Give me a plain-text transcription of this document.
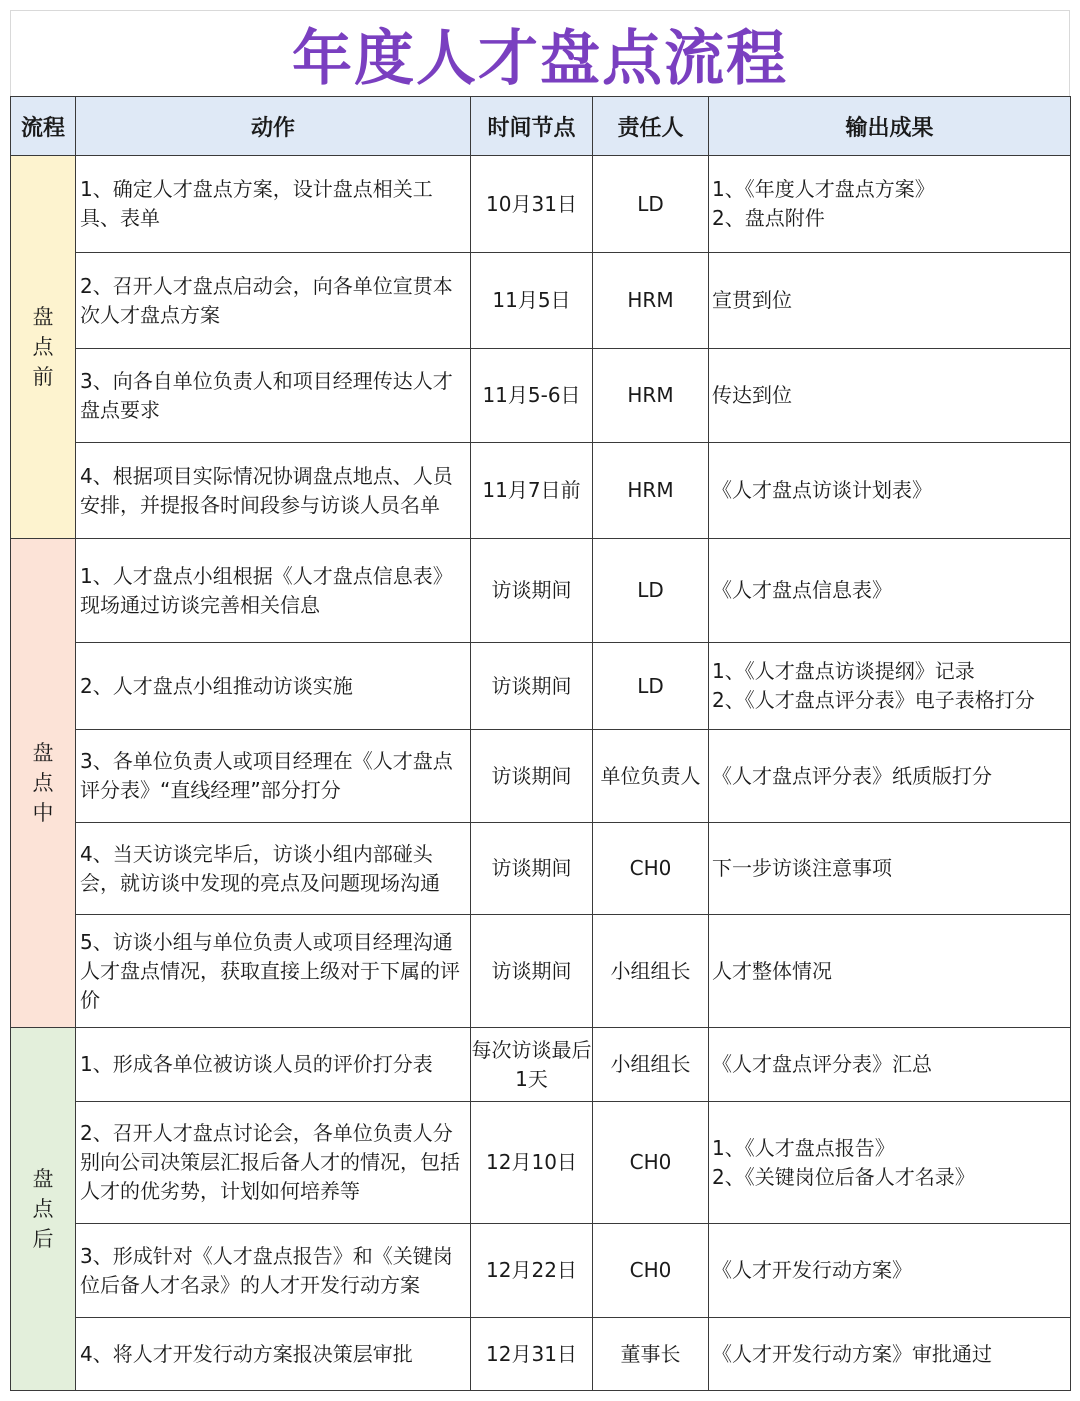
年度人才盘点流程
流程	动作	时间节点	责任人	输出成果
盘点前	1、确定人才盘点方案，设计盘点相关工具、表单	10月31日	LD	1、《年度人才盘点方案》
2、盘点附件

	2、召开人才盘点启动会，向各单位宣贯本次人才盘点方案	11月5日	HRM	宣贯到位
	3、向各自单位负责人和项目经理传达人才盘点要求	11月5-6日	HRM	传达到位
	4、根据项目实际情况协调盘点地点、人员安排，并提报各时间段参与访谈人员名单	11月7日前	HRM	《人才盘点访谈计划表》
盘点中	1、人才盘点小组根据《人才盘点信息表》现场通过访谈完善相关信息	访谈期间	LD	《人才盘点信息表》
	2、人才盘点小组推动访谈实施	访谈期间	LD	1、《人才盘点访谈提纲》记录
2、《人才盘点评分表》电子表格打分

	3、各单位负责人或项目经理在《人才盘点评分表》“直线经理”部分打分	访谈期间	单位负责人	《人才盘点评分表》纸质版打分
	4、当天访谈完毕后，访谈小组内部碰头会，就访谈中发现的亮点及问题现场沟通	访谈期间	CH0	下一步访谈注意事项
	5、访谈小组与单位负责人或项目经理沟通人才盘点情况，获取直接上级对于下属的评价	访谈期间	小组组长	人才整体情况
盘点后	1、形成各单位被访谈人员的评价打分表	每次访谈最后1天	小组组长	《人才盘点评分表》汇总
	2、召开人才盘点讨论会，各单位负责人分别向公司决策层汇报后备人才的情况，包括人才的优劣势，计划如何培养等	12月10日	CH0	1、《人才盘点报告》
2、《关键岗位后备人才名录》

	3、形成针对《人才盘点报告》和《关键岗位后备人才名录》的人才开发行动方案	12月22日	CH0	《人才开发行动方案》
	4、将人才开发行动方案报决策层审批	12月31日	董事长	《人才开发行动方案》审批通过
